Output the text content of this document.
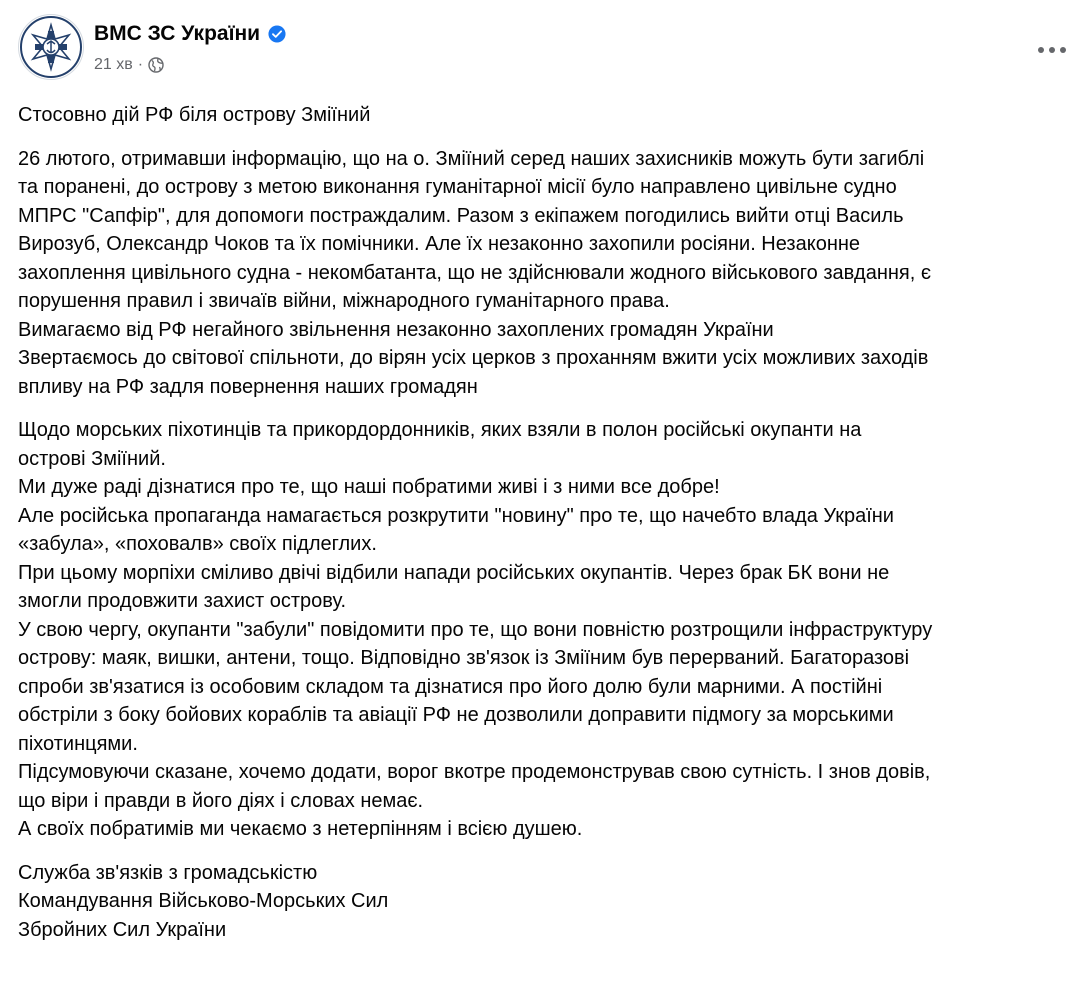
ВМС ЗС України
21 хв ·

Стосовно дій РФ біля острову Зміїний

26 лютого, отримавши інформацію, що на о. Зміїний серед наших захисників можуть бути загиблі
та поранені, до острову з метою виконання гуманітарної місії було направлено цивільне судно
МПРС "Сапфір", для допомоги постраждалим. Разом з екіпажем погодились вийти отці Василь
Вирозуб, Олександр Чоков та їх помічники. Але їх незаконно захопили росіяни. Незаконне
захоплення цивільного судна - некомбатанта, що не здійснювали жодного військового завдання, є
порушення правил і звичаїв війни, міжнародного гуманітарного права.
Вимагаємо від РФ негайного звільнення незаконно захоплених громадян України
Звертаємось до світової спільноти, до вірян усіх церков з проханням вжити усіх можливих заходів
впливу на РФ задля повернення наших громадян

Щодо морських піхотинців та прикордордонників, яких взяли в полон російські окупанти на
острові Зміїний.
Ми дуже раді дізнатися про те, що наші побратими живі і з ними все добре!
Але російська пропаганда намагається розкрутити "новину" про те, що начебто влада України
«забула», «поховалв» своїх підлеглих.
При цьому морпіхи сміливо двічі відбили напади російських окупантів. Через брак БК вони не
змогли продовжити захист острову.
У свою чергу, окупанти "забули" повідомити про те, що вони повністю розтрощили інфраструктуру
острову: маяк, вишки, антени, тощо. Відповідно зв'язок із Зміїним був перерваний. Багаторазові
спроби зв'язатися із особовим складом та дізнатися про його долю були марними. А постійні
обстріли з боку бойових кораблів та авіації РФ не дозволили доправити підмогу за морськими
піхотинцями.
Підсумовуючи сказане, хочемо додати, ворог вкотре продемонстрував свою сутність. І знов довів,
що віри і правди в його діях і словах немає.
А своїх побратимів ми чекаємо з нетерпінням і всією душею.

Служба зв'язків з громадськістю
Командування Військово-Морських Сил
Збройних Сил України
